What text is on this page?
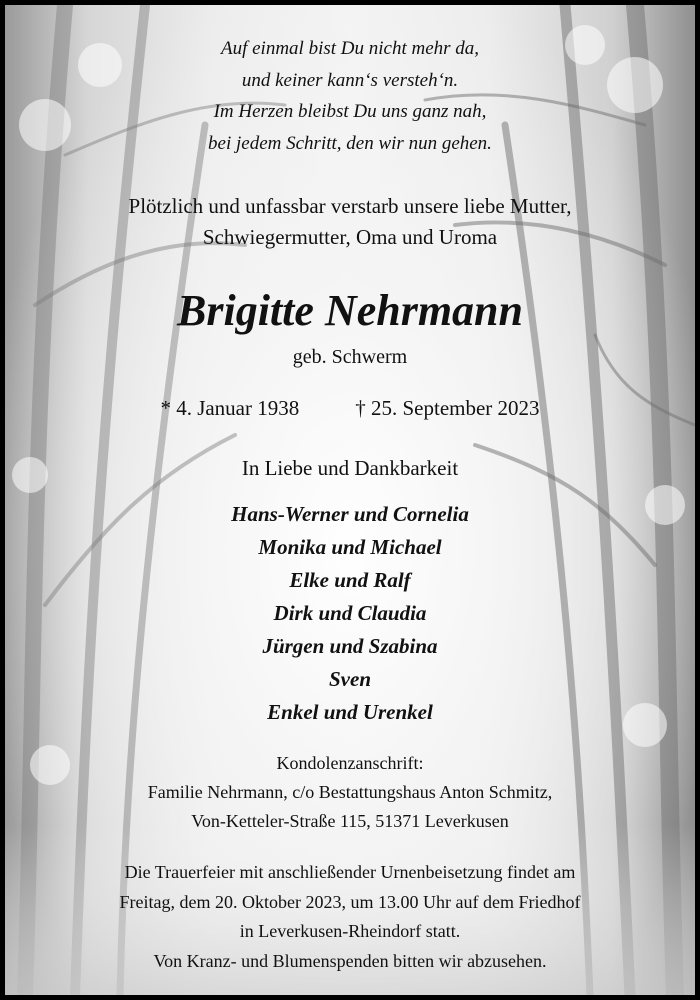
Auf einmal bist Du nicht mehr da,

und keiner kann‘s versteh‘n.

Im Herzen bleibst Du uns ganz nah,

bei jedem Schritt, den wir nun gehen.

Plötzlich und unfassbar verstarb unsere liebe Mutter,

Schwiegermutter, Oma und Uroma

Brigitte Nehrmann
geb. Schwerm
* 4. Januar 1938	† 25. September 2023
In Liebe und Dankbarkeit

Hans-Werner und Cornelia

Monika und Michael

Elke und Ralf

Dirk und Claudia

Jürgen und Szabina

Sven

Enkel und Urenkel

Kondolenzanschrift:

Familie Nehrmann, c/o Bestattungshaus Anton Schmitz,

Von-Ketteler-Straße 115, 51371 Leverkusen

Die Trauerfeier mit anschließender Urnenbeisetzung findet am

Freitag, dem 20. Oktober 2023, um 13.00 Uhr auf dem Friedhof

in Leverkusen-Rheindorf statt.

Von Kranz- und Blumenspenden bitten wir abzusehen.
